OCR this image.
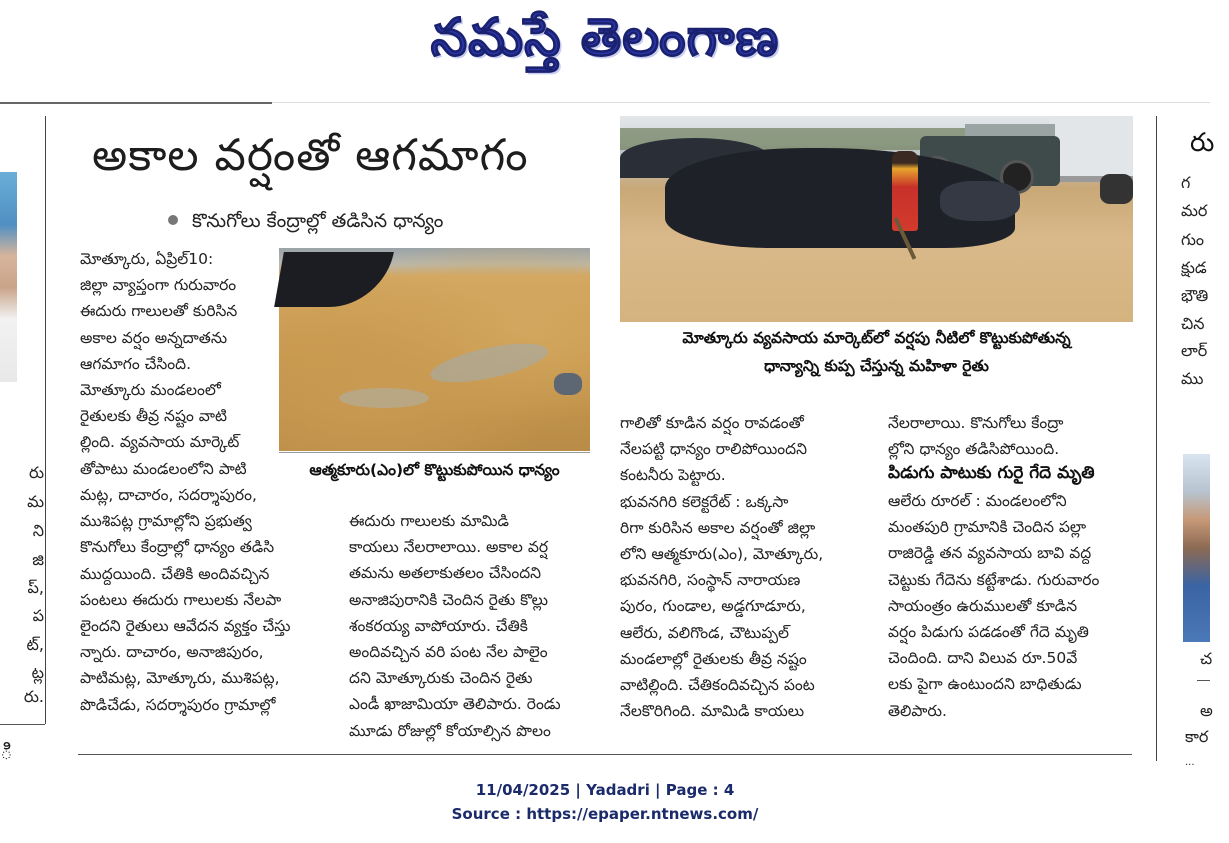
నమస్తే తెలంగాణ
రు
మ
ని
జి
ప్,
ప
ట్,
ట్ల
రు.
ి
అకాల వర్షంతో ఆగమాగం
కొనుగోలు కేంద్రాల్లో తడిసిన ధాన్యం
ఆత్మకూరు(ఎం)లో కొట్టుకుపోయిన ధాన్యం

మోత్కూరు, ఏప్రిల్10:

జిల్లా వ్యాప్తంగా గురువారం

ఈదురు గాలులతో కురిసిన

అకాల వర్షం అన్నదాతను

ఆగమాగం చేసింది.

మోత్కూరు మండలంలో

రైతులకు తీవ్ర నష్టం వాటి

ల్లింది. వ్యవసాయ మార్కెట్

తోపాటు మండలంలోని పాటి

మట్ల, దాచారం, సదర్శాపురం,

ముశిపట్ల గ్రామాల్లోని ప్రభుత్వ

కొనుగోలు కేంద్రాల్లో ధాన్యం తడిసి

ముద్దయింది. చేతికి అందివచ్చిన

పంటలు ఈదురు గాలులకు నేలపా

లైందని రైతులు ఆవేదన వ్యక్తం చేస్తు

న్నారు. దాచారం, అనాజిపురం,

పాటిమట్ల, మోత్కూరు, ముశిపట్ల,

పొడిచేడు, సదర్శాపురం గ్రామాల్లో

ఈదురు గాలులకు మామిడి

కాయలు నేలరాలాయి. అకాల వర్ష

తమను అతలాకుతలం చేసిందని

అనాజిపురానికి చెందిన రైతు కొల్లు

శంకరయ్య వాపోయారు. చేతికి

అందివచ్చిన వరి పంట నేల పాలైం

దని మోత్కూరుకు చెందిన రైతు

ఎండీ ఖాజామియా తెలిపారు. రెండు

మూడు రోజుల్లో కోయాల్సిన పొలం

మోత్కూరు వ్యవసాయ మార్కెట్‌లో వర్షపు నీటిలో కొట్టుకుపోతున్న
ధాన్యాన్ని కుప్ప చేస్తున్న మహిళా రైతు

గాలితో కూడిన వర్షం రావడంతో

నేలపట్టి ధాన్యం రాలిపోయిందని

కంటనీరు పెట్టారు.

భువనగిరి కలెక్టరేట్ : ఒక్కసా

రిగా కురిసిన అకాల వర్షంతో జిల్లా

లోని ఆత్మకూరు(ఎం), మోత్కూరు,

భువనగిరి, సంస్థాన్ నారాయణ

పురం, గుండాల, అడ్డగూడూరు,

ఆలేరు, వలిగొండ, చౌటుప్పల్

మండలాల్లో రైతులకు తీవ్ర నష్టం

వాటిల్లింది. చేతికందివచ్చిన పంట

నేలకొరిగింది. మామిడి కాయలు

నేలరాలాయి. కొనుగోలు కేంద్రా

ల్లోని ధాన్యం తడిసిపోయింది.

పిడుగు పాటుకు గురై గేదె మృతి

ఆలేరు రూరల్ : మండలంలోని

మంతపురి గ్రామానికి చెందిన పల్లా

రాజిరెడ్డి తన వ్యవసాయ బావి వద్ద

చెట్టుకు గేదెను కట్టేశాడు. గురువారం

సాయంత్రం ఉరుములతో కూడిన

వర్షం పిడుగు పడడంతో గేదె మృతి

చెందింది. దాని విలువ రూ.50వే

లకు పైగా ఉంటుందని బాధితుడు

తెలిపారు.

రు
గ
మర
గుం
క్షుడ
భౌతి
చిన
లార్
ము
చ
అ
కార
...
11/04/2025 | Yadadri | Page : 4
Source : https://epaper.ntnews.com/
